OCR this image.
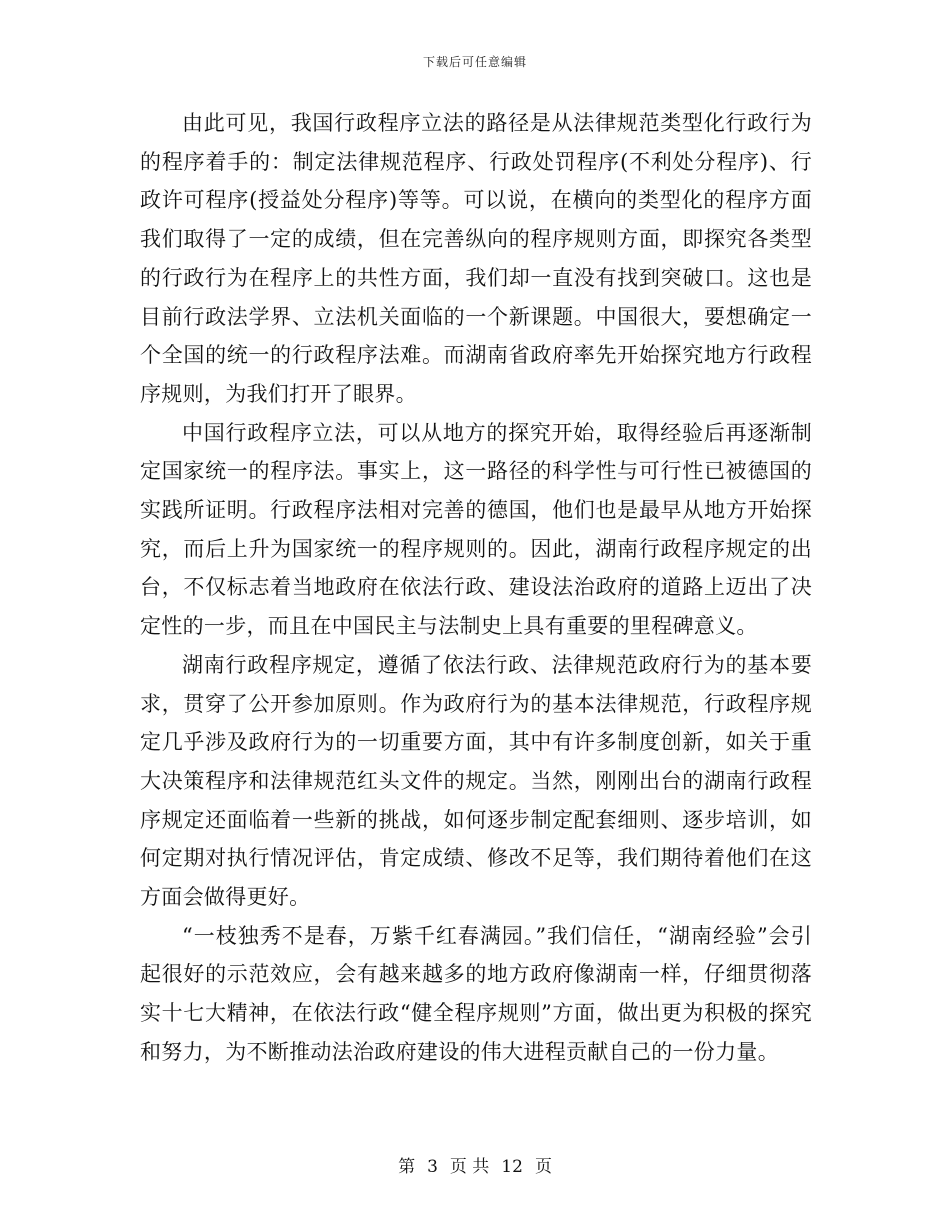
下载后可任意编辑

由此可见，我国行政程序立法的路径是从法律规范类型化行政行为的程序着手的：制定法律规范程序、行政处罚程序(不利处分程序)、行政许可程序(授益处分程序)等等。可以说，在横向的类型化的程序方面我们取得了一定的成绩，但在完善纵向的程序规则方面，即探究各类型的行政行为在程序上的共性方面，我们却一直没有找到突破口。这也是目前行政法学界、立法机关面临的一个新课题。中国很大，要想确定一个全国的统一的行政程序法难。而湖南省政府率先开始探究地方行政程序规则，为我们打开了眼界。

中国行政程序立法，可以从地方的探究开始，取得经验后再逐渐制定国家统一的程序法。事实上，这一路径的科学性与可行性已被德国的实践所证明。行政程序法相对完善的德国，他们也是最早从地方开始探究，而后上升为国家统一的程序规则的。因此，湖南行政程序规定的出台，不仅标志着当地政府在依法行政、建设法治政府的道路上迈出了决定性的一步，而且在中国民主与法制史上具有重要的里程碑意义。

湖南行政程序规定，遵循了依法行政、法律规范政府行为的基本要求，贯穿了公开参加原则。作为政府行为的基本法律规范，行政程序规定几乎涉及政府行为的一切重要方面，其中有许多制度创新，如关于重大决策程序和法律规范红头文件的规定。当然，刚刚出台的湖南行政程序规定还面临着一些新的挑战，如何逐步制定配套细则、逐步培训，如何定期对执行情况评估，肯定成绩、修改不足等，我们期待着他们在这方面会做得更好。

“一枝独秀不是春，万紫千红春满园。”我们信任，“湖南经验”会引起很好的示范效应，会有越来越多的地方政府像湖南一样，仔细贯彻落实十七大精神，在依法行政“健全程序规则”方面，做出更为积极的探究和努力，为不断推动法治政府建设的伟大进程贡献自己的一份力量。

第 3 页 共 12 页
